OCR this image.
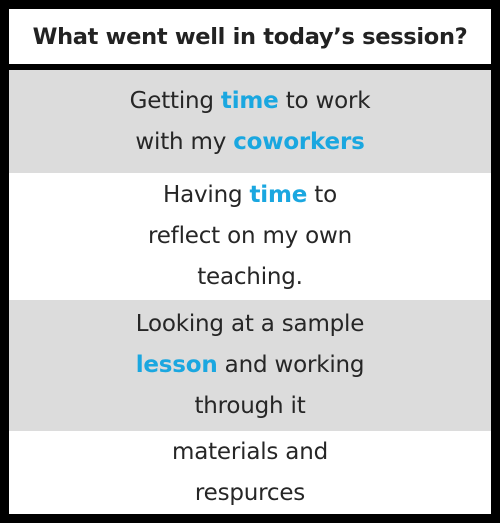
What went well in today’s session?
Getting time to work
with my coworkers
Having time to
reflect on my own
teaching.
Looking at a sample
lesson and working
through it
materials and
respurces
